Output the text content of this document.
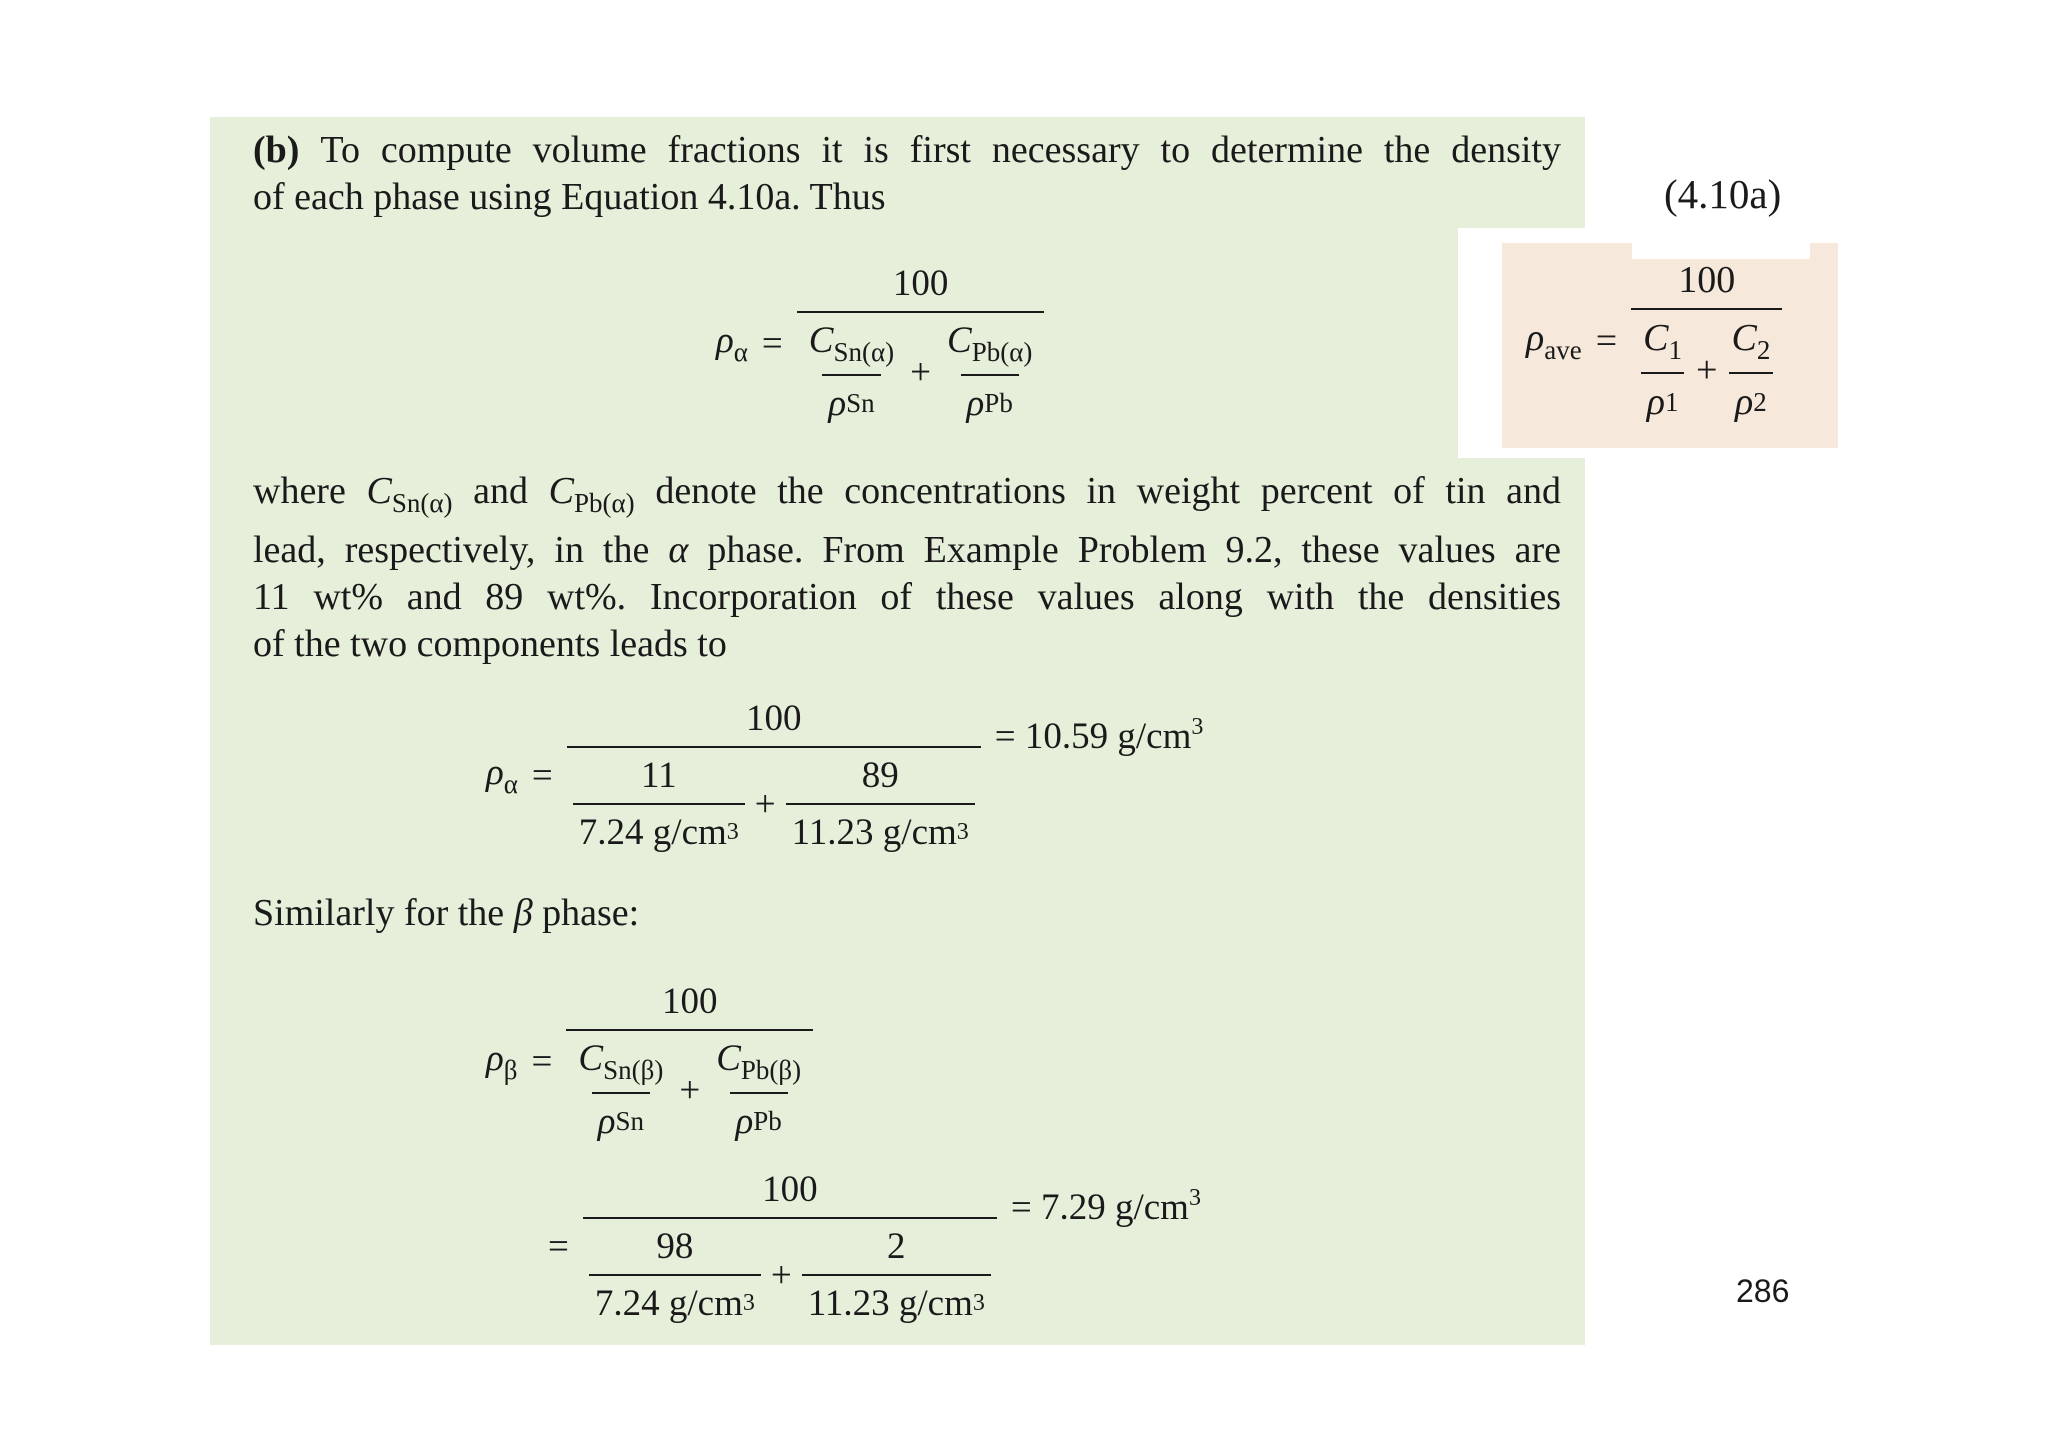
(b) To compute volume fractions it is first necessary to determine the density
of each phase using Equation 4.10a. Thus	(4.10a)
$\rho_{ave} = \frac{100}{\frac{C_1}{\rho 1} + \frac{C_2}{\rho 2}}$
$\rho_\alpha = \frac{100}{\frac{C_{Sn(\alpha)}}{\text{ρ Sn}} + \frac{C_{Pb(\alpha)}}{\text{ρ Pb}}}$
where $C_{Sn(\alpha)}$ and $C_{Pb(\alpha)}$ denote the concentrations in weight percent of tin and
lead, respectively, in the α phase. From Example Problem 9.2, these values are
11 wt% and 89 wt%. Incorporation of these values along with the densities
of the two components leads to
$\rho_\alpha = \frac{100}{\frac{11}{7.24 g/cm 3} + \frac{89}{11.23 g/cm 3}} = 10.59$ $g/cm^3$
Similarly for the β phase:
$\rho_\beta = \frac{100}{\frac{C_{Sn(\beta)}}{\text{ρ Sn}} + \frac{C_{Pb(\beta)}}{\text{ρ Pb}}}$
= $\frac{100}{\frac{98}{7.24 g/cm 3} + \frac{2}{11.23 g/cm 3}} = 7.29$ $g/cm^3$
286
